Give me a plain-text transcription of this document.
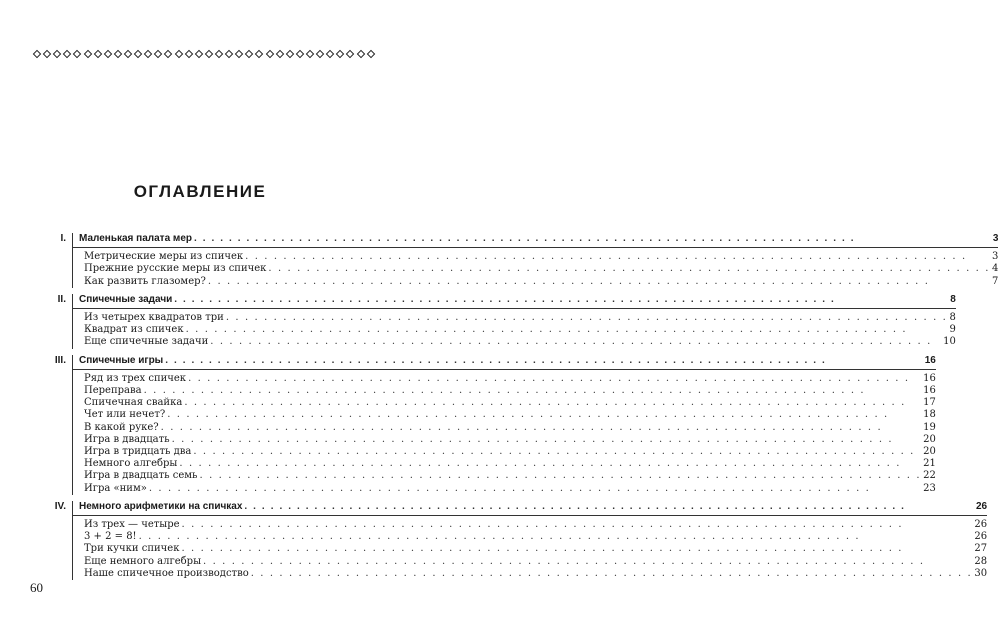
ОГЛАВЛЕНИЕ
I.	Маленькая палата мер . . .	3
Метрические меры из спичек . . .	3
Прежние русские меры из спичек . . .	4
Как развить глазомер? . . .	7
II.	Спичечные задачи . . .	8
Из четырех квадратов три . . .	8
Квадрат из спичек . . .	9
Еще спичечные задачи . . .	10
III.	Спичечные игры . . .	16
Ряд из трех спичек . . .	16
Переправа . . .	16
Спичечная свайка . . .	17
Чет или нечет? . . .	18
В какой руке? . . .	19
Игра в двадцать . . .	20
Игра в тридцать два . . .	20
Немного алгебры . . .	21
Игра в двадцать семь . . .	22
Игра «ним» . . .	23
IV.	Немного арифметики на спичках . . .	26
Из трех — четыре . . .	26
3 + 2 = 8! . . .	26
Три кучки спичек . . .	27
Еще немного алгебры . . .	28
Наше спичечное производство . . .	30
60
